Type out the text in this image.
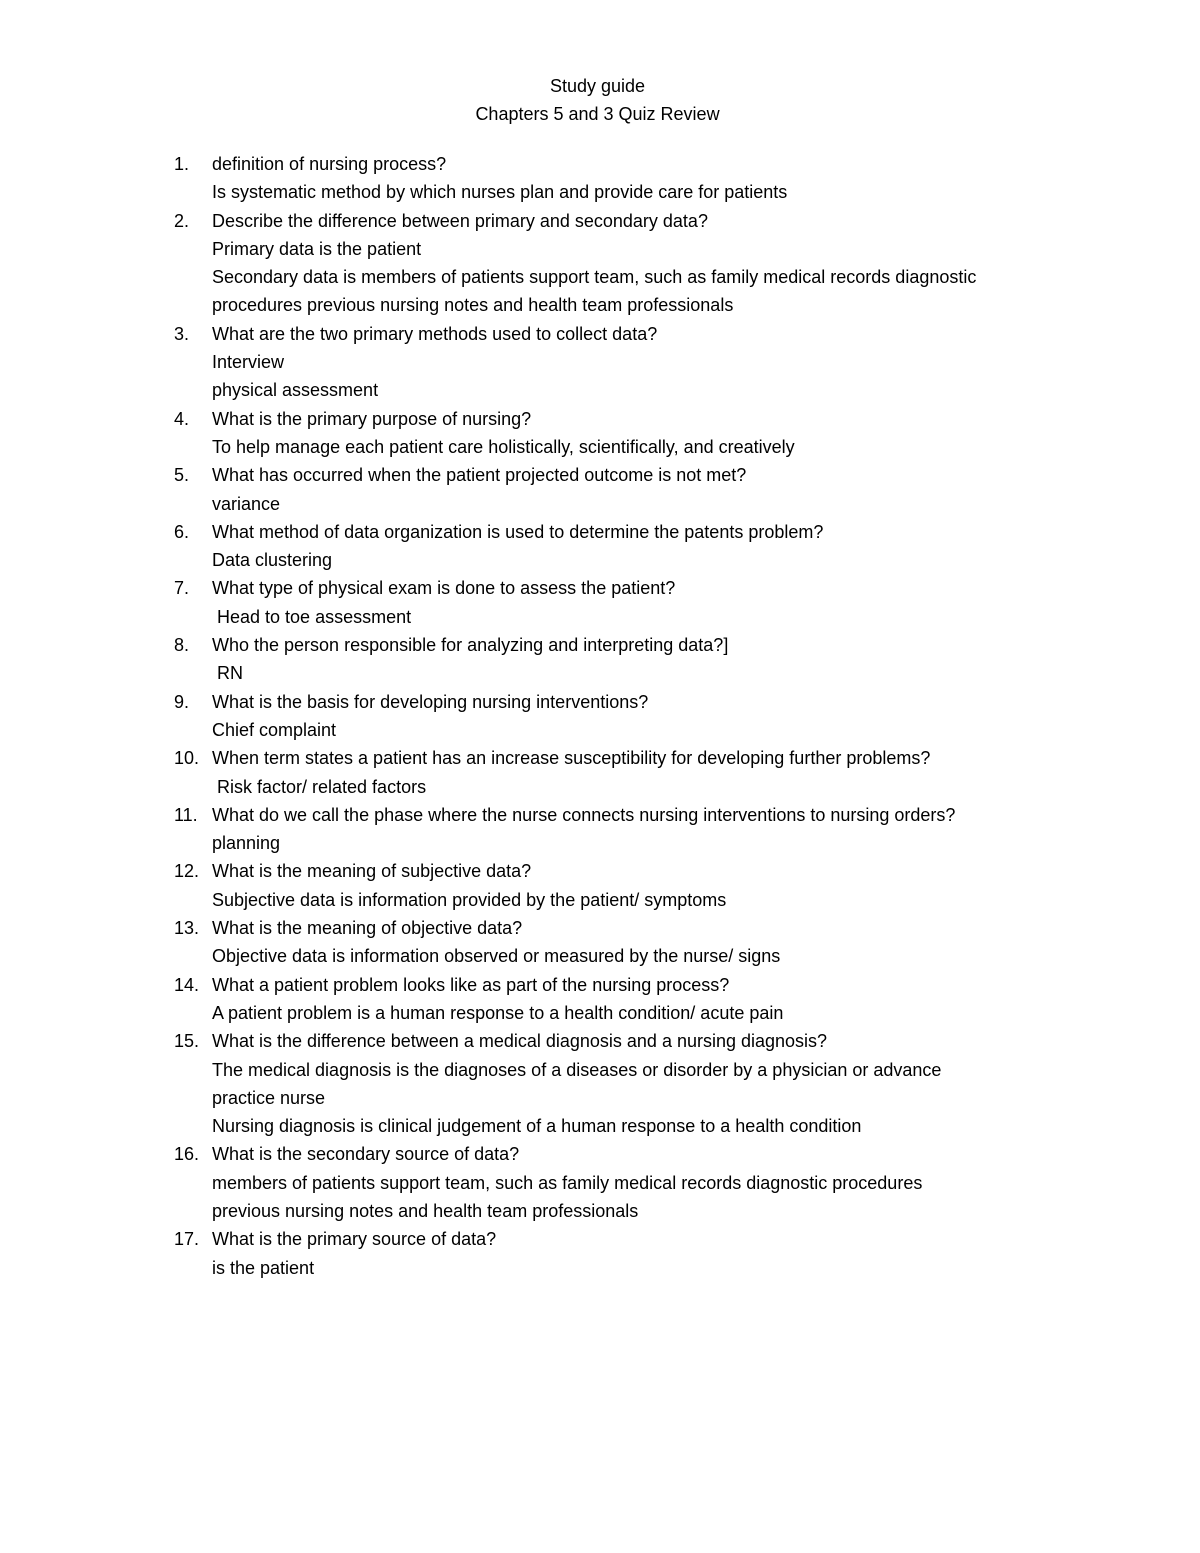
Study guide
Chapters 5 and 3 Quiz Review
1.	definition of nursing process?
Is systematic method by which nurses plan and provide care for patients
2.	Describe the difference between primary and secondary data?
Primary data is the patient
Secondary data is members of patients support team, such as family medical records diagnostic
procedures previous nursing notes and health team professionals
3.	What are the two primary methods used to collect data?
Interview
physical assessment
4.	What is the primary purpose of nursing?
To help manage each patient care holistically, scientifically, and creatively
5.	What has occurred when the patient projected outcome is not met?
variance
6.	What method of data organization is used to determine the patents problem?
Data clustering
7.	What type of physical exam is done to assess the patient?
Head to toe assessment
8.	Who the person responsible for analyzing and interpreting data?]
RN
9.	What is the basis for developing nursing interventions?
Chief complaint
10. When term states a patient has an increase susceptibility for developing further problems?
Risk factor/ related factors
11. What do we call the phase where the nurse connects nursing interventions to nursing orders?
planning
12. What is the meaning of subjective data?
Subjective data is information provided by the patient/ symptoms
13. What is the meaning of objective data?
Objective data is information observed or measured by the nurse/ signs
14. What a patient problem looks like as part of the nursing process?
A patient problem is a human response to a health condition/ acute pain
15. What is the difference between a medical diagnosis and a nursing diagnosis?
The medical diagnosis is the diagnoses of a diseases or disorder by a physician or advance
practice nurse
Nursing diagnosis is clinical judgement of a human response to a health condition
16. What is the secondary source of data?
members of patients support team, such as family medical records diagnostic procedures
previous nursing notes and health team professionals
17. What is the primary source of data?
is the patient
